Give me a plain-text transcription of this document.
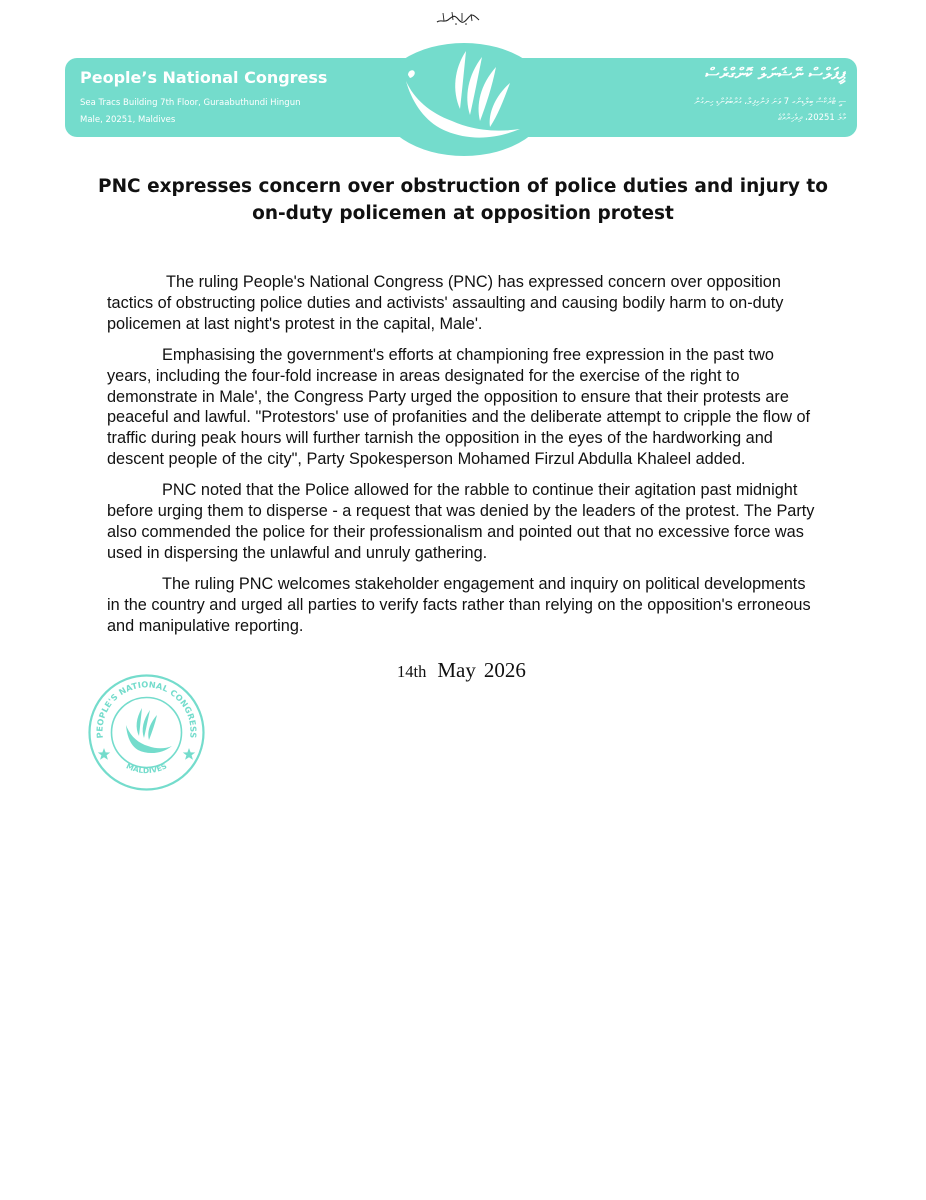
People’s National Congress
Sea Tracs Building 7th Floor, Guraabuthundi Hingun
Male, 20251, Maldives
ޕީޕަލްސް ނޭޝަނަލް ކޮންގްރެސް
ސީ ޓްރެކްސް ބިލްޑިންގ 7 ވަނަ ފަންގިފިލާ، ގުރާބުތުންޑި ހިނގުން
މާލެ 20251، ދިވެހިރާއްޖެ
PNC expresses concern over obstruction of police duties and injury to on-duty policemen at opposition protest

The ruling People's National Congress (PNC) has expressed concern over opposition tactics of obstructing police duties and activists' assaulting and causing bodily harm to on-duty policemen at last night's protest in the capital, Male'.

Emphasising the government's efforts at championing free expression in the past two years, including the four-fold increase in areas designated for the exercise of the right to demonstrate in Male', the Congress Party urged the opposition to ensure that their protests are peaceful and lawful. "Protestors' use of profanities and the deliberate attempt to cripple the flow of traffic during peak hours will further tarnish the opposition in the eyes of the hardworking and descent people of the city", Party Spokesperson Mohamed Firzul Abdulla Khaleel added.

PNC noted that the Police allowed for the rabble to continue their agitation past midnight before urging them to disperse - a request that was denied by the leaders of the protest. The Party also commended the police for their professionalism and pointed out that no excessive force was used in dispersing the unlawful and unruly gathering.

The ruling PNC welcomes stakeholder engagement and inquiry on political developments in the country and urged all parties to verify facts rather than relying on the opposition's erroneous and manipulative reporting.

14th May 2026
PEOPLE'S NATIONAL CONGRESS
MALDIVES
